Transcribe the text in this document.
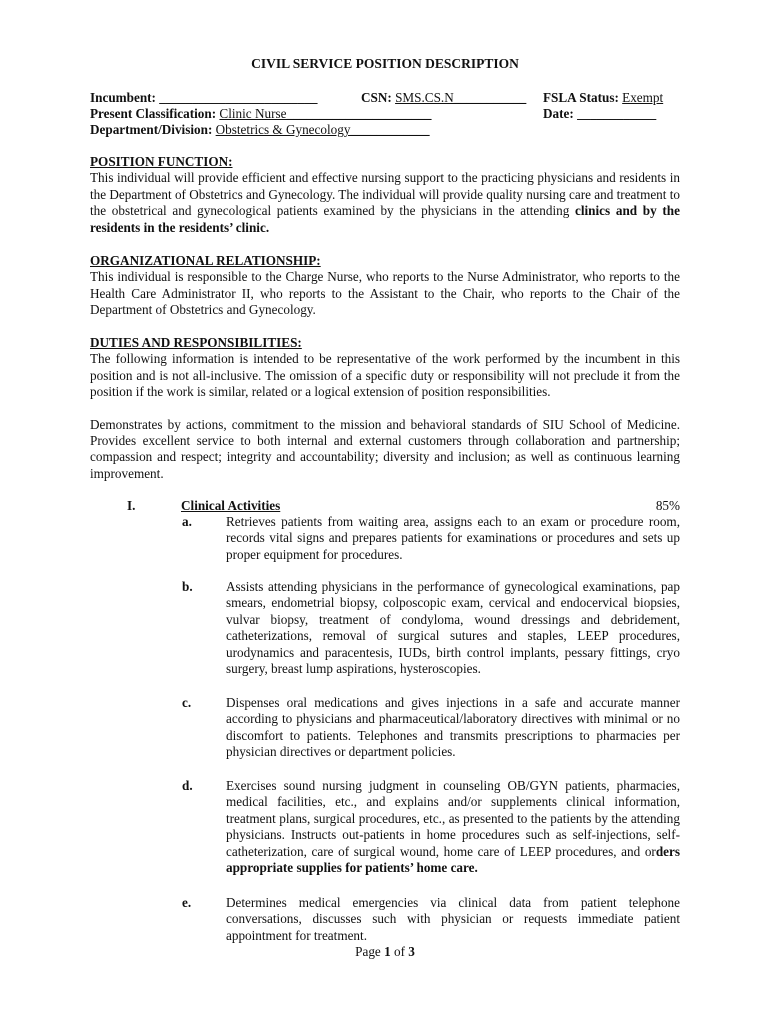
CIVIL SERVICE POSITION DESCRIPTION
Incumbent: ________________________	CSN: SMS.CS.N___________ FSLA Status: Exempt
Present Classification: Clinic Nurse______________________	Date: ____________
Department/Division: Obstetrics & Gynecology____________
POSITION FUNCTION:

This individual will provide efficient and effective nursing support to the practicing physicians and residents in the Department of Obstetrics and Gynecology. The individual will provide quality nursing care and treatment to the obstetrical and gynecological patients examined by the physicians in the attending clinics and by the residents in the residents’ clinic.

ORGANIZATIONAL RELATIONSHIP:

This individual is responsible to the Charge Nurse, who reports to the Nurse Administrator, who reports to the Health Care Administrator II, who reports to the Assistant to the Chair, who reports to the Chair of the Department of Obstetrics and Gynecology.

DUTIES AND RESPONSIBILITIES:

The following information is intended to be representative of the work performed by the incumbent in this position and is not all-inclusive. The omission of a specific duty or responsibility will not preclude it from the position if the work is similar, related or a logical extension of position responsibilities.

Demonstrates by actions, commitment to the mission and behavioral standards of SIU School of Medicine. Provides excellent service to both internal and external customers through collaboration and partnership; compassion and respect; integrity and accountability; diversity and inclusion; as well as continuous learning improvement.

I.	Clinical Activities	85%
a.	Retrieves patients from waiting area, assigns each to an exam or procedure room, records vital signs and prepares patients for examinations or procedures and sets up proper equipment for procedures.
b.	Assists attending physicians in the performance of gynecological examinations, pap smears, endometrial biopsy, colposcopic exam, cervical and endocervical biopsies, vulvar biopsy, treatment of condyloma, wound dressings and debridement, catheterizations, removal of surgical sutures and staples, LEEP procedures, urodynamics and paracentesis, IUDs, birth control implants, pessary fittings, cryo surgery, breast lump aspirations, hysteroscopies.
c.	Dispenses oral medications and gives injections in a safe and accurate manner according to physicians and pharmaceutical/laboratory directives with minimal or no discomfort to patients. Telephones and transmits prescriptions to pharmacies per physician directives or department policies.
d.	Exercises sound nursing judgment in counseling OB/GYN patients, pharmacies, medical facilities, etc., and explains and/or supplements clinical information, treatment plans, surgical procedures, etc., as presented to the patients by the attending physicians. Instructs out-patients in home procedures such as self-injections, self-catheterization, care of surgical wound, home care of LEEP procedures, and orders appropriate supplies for patients’ home care.
e.	Determines medical emergencies via clinical data from patient telephone conversations, discusses such with physician or requests immediate patient appointment for treatment.
Page 1 of 3
